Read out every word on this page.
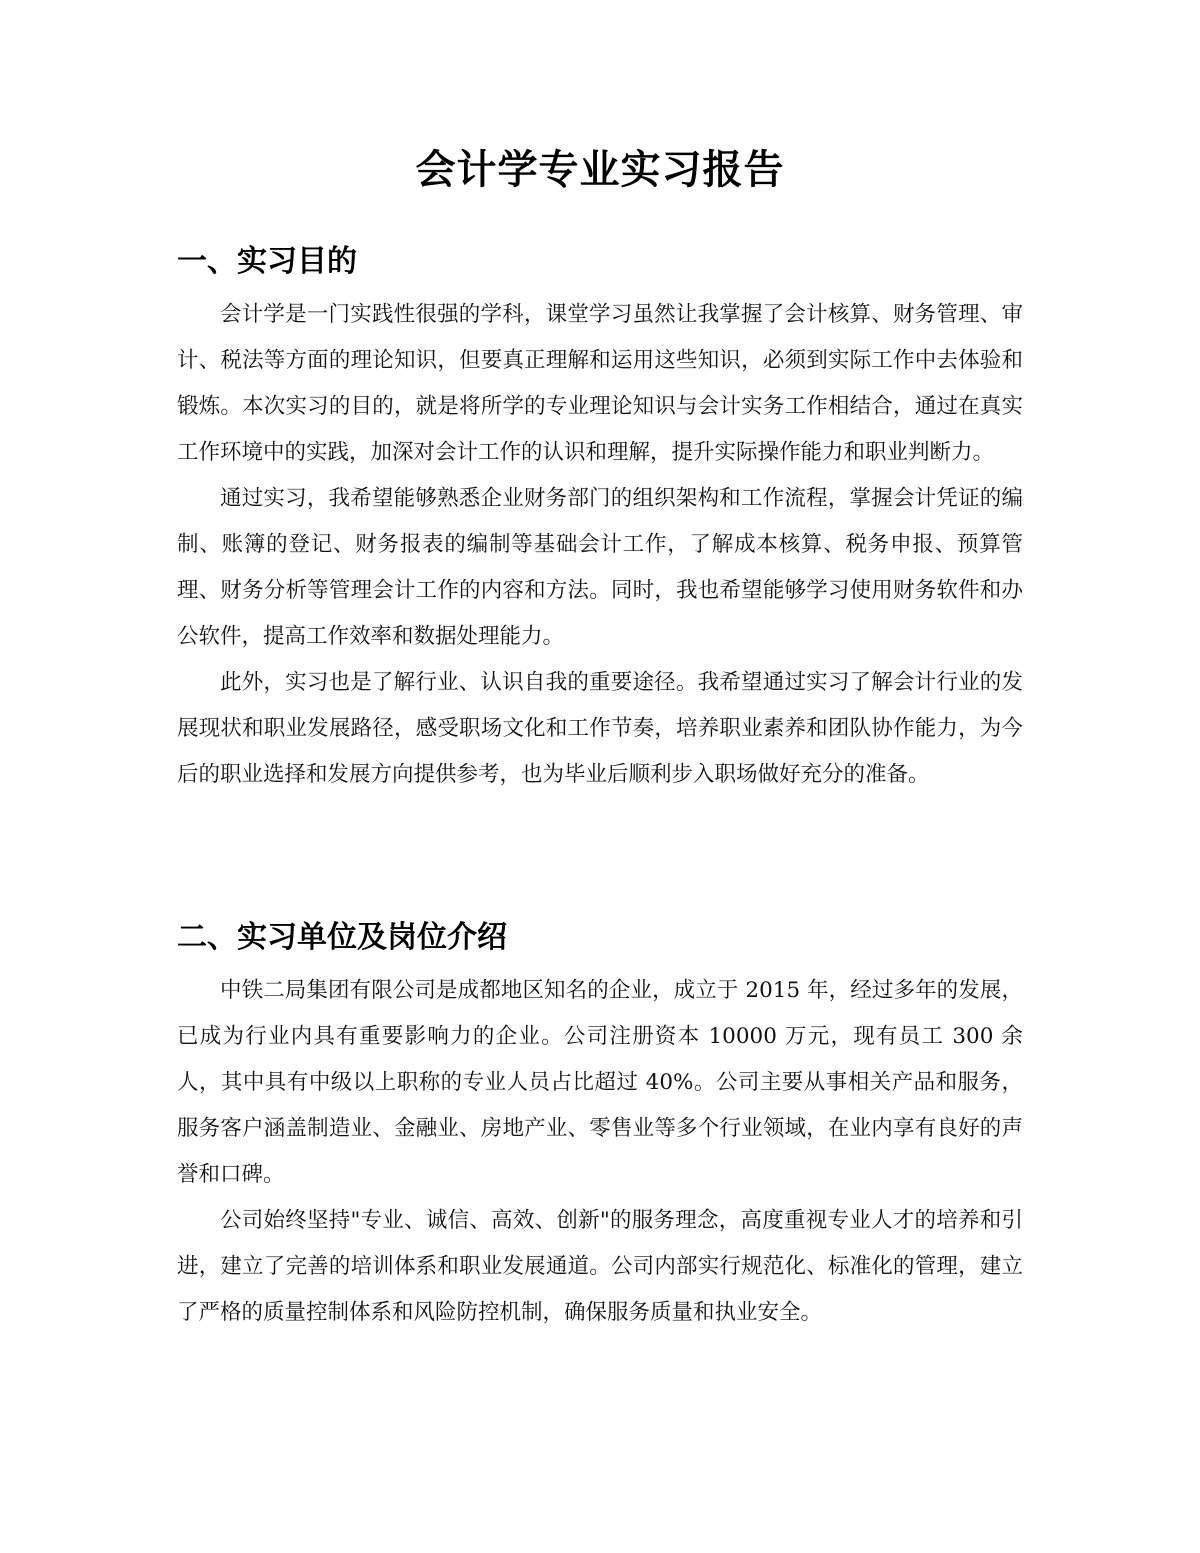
会计学专业实习报告
一、实习目的

会计学是一门实践性很强的学科，课堂学习虽然让我掌握了会计核算、财务管理、审计、税法等方面的理论知识，但要真正理解和运用这些知识，必须到实际工作中去体验和锻炼。本次实习的目的，就是将所学的专业理论知识与会计实务工作相结合，通过在真实工作环境中的实践，加深对会计工作的认识和理解，提升实际操作能力和职业判断力。

通过实习，我希望能够熟悉企业财务部门的组织架构和工作流程，掌握会计凭证的编制、账簿的登记、财务报表的编制等基础会计工作，了解成本核算、税务申报、预算管理、财务分析等管理会计工作的内容和方法。同时，我也希望能够学习使用财务软件和办公软件，提高工作效率和数据处理能力。

此外，实习也是了解行业、认识自我的重要途径。我希望通过实习了解会计行业的发展现状和职业发展路径，感受职场文化和工作节奏，培养职业素养和团队协作能力，为今后的职业选择和发展方向提供参考，也为毕业后顺利步入职场做好充分的准备。

二、实习单位及岗位介绍

中铁二局集团有限公司是成都地区知名的企业，成立于 2015 年，经过多年的发展，已成为行业内具有重要影响力的企业。公司注册资本 10000 万元，现有员工 300 余人，其中具有中级以上职称的专业人员占比超过 40%。公司主要从事相关产品和服务，服务客户涵盖制造业、金融业、房地产业、零售业等多个行业领域，在业内享有良好的声誉和口碑。

公司始终坚持"专业、诚信、高效、创新"的服务理念，高度重视专业人才的培养和引进，建立了完善的培训体系和职业发展通道。公司内部实行规范化、标准化的管理，建立了严格的质量控制体系和风险防控机制，确保服务质量和执业安全。
